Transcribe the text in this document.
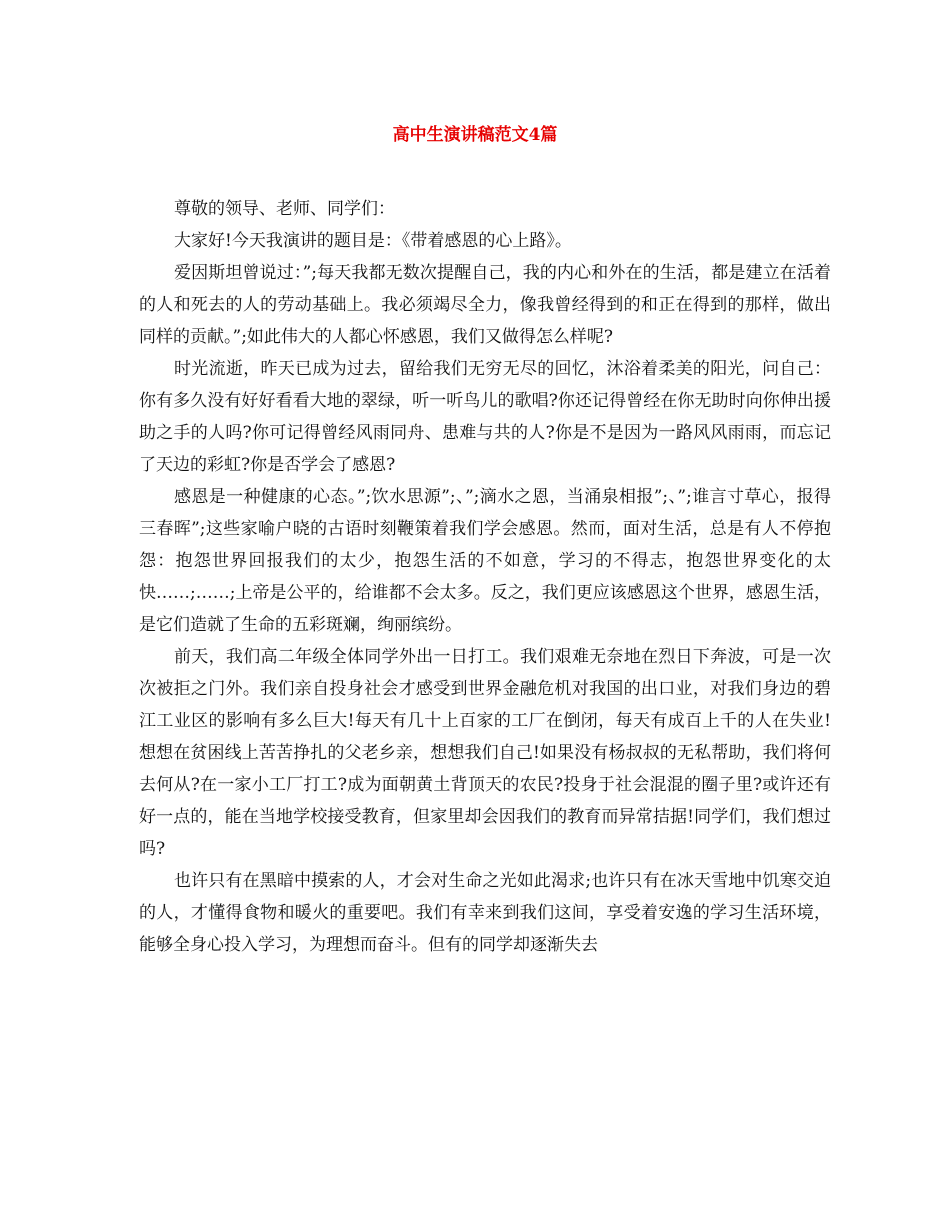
高中生演讲稿范文4篇

尊敬的领导、老师、同学们：

大家好!今天我演讲的题目是：《带着感恩的心上路》。

爱因斯坦曾说过：”;每天我都无数次提醒自己，我的内心和外在的生活，都是建立在活着的人和死去的人的劳动基础上。我必须竭尽全力，像我曾经得到的和正在得到的那样，做出同样的贡献。”;如此伟大的人都心怀感恩，我们又做得怎么样呢?

时光流逝，昨天已成为过去，留给我们无穷无尽的回忆，沐浴着柔美的阳光，问自己：你有多久没有好好看看大地的翠绿，听一听鸟儿的歌唱?你还记得曾经在你无助时向你伸出援助之手的人吗?你可记得曾经风雨同舟、患难与共的人?你是不是因为一路风风雨雨，而忘记了天边的彩虹?你是否学会了感恩?

感恩是一种健康的心态。”;饮水思源”;、”;滴水之恩，当涌泉相报”;、”;谁言寸草心，报得三春晖”;这些家喻户晓的古语时刻鞭策着我们学会感恩。然而，面对生活，总是有人不停抱怨：抱怨世界回报我们的太少，抱怨生活的不如意，学习的不得志，抱怨世界变化的太快……;……;上帝是公平的，给谁都不会太多。反之，我们更应该感恩这个世界，感恩生活，是它们造就了生命的五彩斑斓，绚丽缤纷。

前天，我们高二年级全体同学外出一日打工。我们艰难无奈地在烈日下奔波，可是一次次被拒之门外。我们亲自投身社会才感受到世界金融危机对我国的出口业，对我们身边的碧江工业区的影响有多么巨大!每天有几十上百家的工厂在倒闭，每天有成百上千的人在失业!想想在贫困线上苦苦挣扎的父老乡亲，想想我们自己!如果没有杨叔叔的无私帮助，我们将何去何从?在一家小工厂打工?成为面朝黄土背顶天的农民?投身于社会混混的圈子里?或许还有好一点的，能在当地学校接受教育，但家里却会因我们的教育而异常拮据!同学们，我们想过吗?

也许只有在黑暗中摸索的人，才会对生命之光如此渴求;也许只有在冰天雪地中饥寒交迫的人，才懂得食物和暖火的重要吧。我们有幸来到我们这间，享受着安逸的学习生活环境，能够全身心投入学习，为理想而奋斗。但有的同学却逐渐失去
